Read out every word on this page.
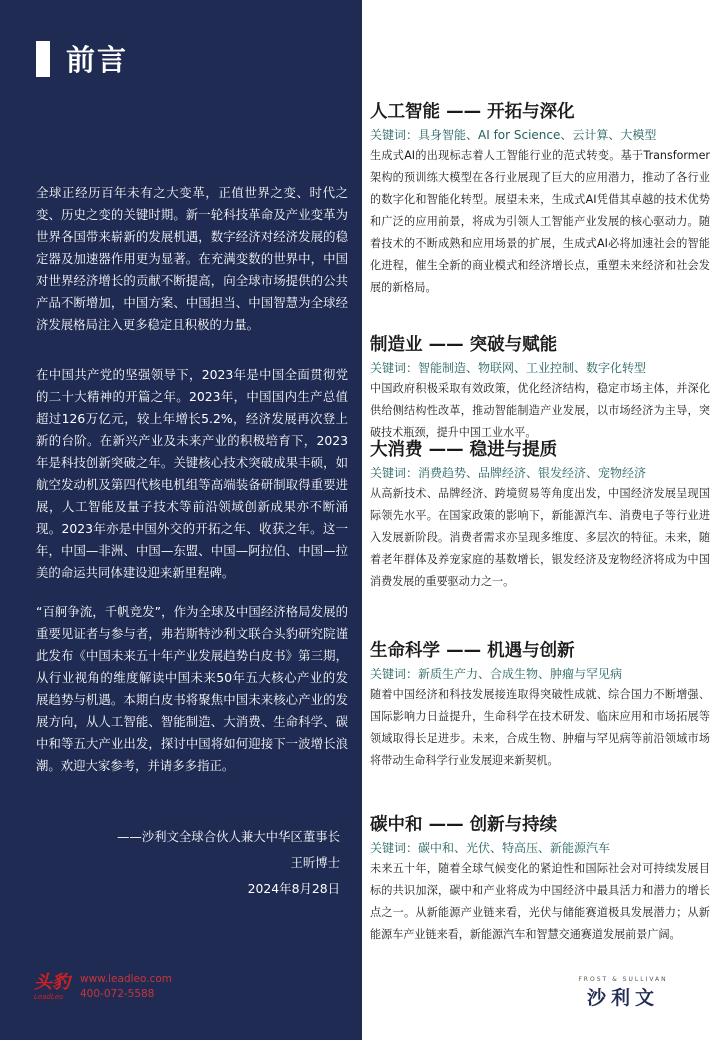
前言

全球正经历百年未有之大变革，正值世界之变、时代之变、历史之变的关键时期。新一轮科技革命及产业变革为世界各国带来崭新的发展机遇，数字经济对经济发展的稳定器及加速器作用更为显著。在充满变数的世界中，中国对世界经济增长的贡献不断提高，向全球市场提供的公共产品不断增加，中国方案、中国担当、中国智慧为全球经济发展格局注入更多稳定且积极的力量。

在中国共产党的坚强领导下，2023年是中国全面贯彻党的二十大精神的开篇之年。2023年，中国国内生产总值超过126万亿元，较上年增长5.2%，经济发展再次登上新的台阶。在新兴产业及未来产业的积极培育下，2023年是科技创新突破之年。关键核心技术突破成果丰硕，如航空发动机及第四代核电机组等高端装备研制取得重要进展，人工智能及量子技术等前沿领域创新成果亦不断涌现。2023年亦是中国外交的开拓之年、收获之年。这一年，中国—非洲、中国—东盟、中国—阿拉伯、中国—拉美的命运共同体建设迎来新里程碑。

“百舸争流，千帆竞发”，作为全球及中国经济格局发展的重要见证者与参与者，弗若斯特沙利文联合头豹研究院谨此发布《中国未来五十年产业发展趋势白皮书》第三期，从行业视角的维度解读中国未来50年五大核心产业的发展趋势与机遇。本期白皮书将聚焦中国未来核心产业的发展方向，从人工智能、智能制造、大消费、生命科学、碳中和等五大产业出发，探讨中国将如何迎接下一波增长浪潮。欢迎大家参考，并请多多指正。

——沙利文全球合伙人兼大中华区董事长
王昕博士
2024年8月28日
头豹
LeadLeo
www.leadleo.com
400-072-5588
人工智能 —— 开拓与深化
关键词：具身智能、AI for Science、云计算、大模型

生成式AI的出现标志着人工智能行业的范式转变。基于Transformer架构的预训练大模型在各行业展现了巨大的应用潜力，推动了各行业的数字化和智能化转型。展望未来，生成式AI凭借其卓越的技术优势和广泛的应用前景，将成为引领人工智能产业发展的核心驱动力。随着技术的不断成熟和应用场景的扩展，生成式AI必将加速社会的智能化进程，催生全新的商业模式和经济增长点，重塑未来经济和社会发展的新格局。

制造业 —— 突破与赋能
关键词：智能制造、物联网、工业控制、数字化转型

中国政府积极采取有效政策，优化经济结构，稳定市场主体，并深化供给侧结构性改革，推动智能制造产业发展，以市场经济为主导，突破技术瓶颈，提升中国工业水平。

大消费 —— 稳进与提质
关键词：消费趋势、品牌经济、银发经济、宠物经济

从高新技术、品牌经济、跨境贸易等角度出发，中国经济发展呈现国际领先水平。在国家政策的影响下，新能源汽车、消费电子等行业进入发展新阶段。消费者需求亦呈现多维度、多层次的特征。未来，随着老年群体及养宠家庭的基数增长，银发经济及宠物经济将成为中国消费发展的重要驱动力之一。

生命科学 —— 机遇与创新
关键词：新质生产力、合成生物、肿瘤与罕见病

随着中国经济和科技发展接连取得突破性成就、综合国力不断增强、国际影响力日益提升，生命科学在技术研发、临床应用和市场拓展等领域取得长足进步。未来，合成生物、肿瘤与罕见病等前沿领域市场将带动生命科学行业发展迎来新契机。

碳中和 —— 创新与持续
关键词：碳中和、光伏、特高压、新能源汽车

未来五十年，随着全球气候变化的紧迫性和国际社会对可持续发展目标的共识加深，碳中和产业将成为中国经济中最具活力和潜力的增长点之一。从新能源产业链来看，光伏与储能赛道极具发展潜力；从新能源车产业链来看，新能源汽车和智慧交通赛道发展前景广阔。

FROST & SULLIVAN
沙利文
